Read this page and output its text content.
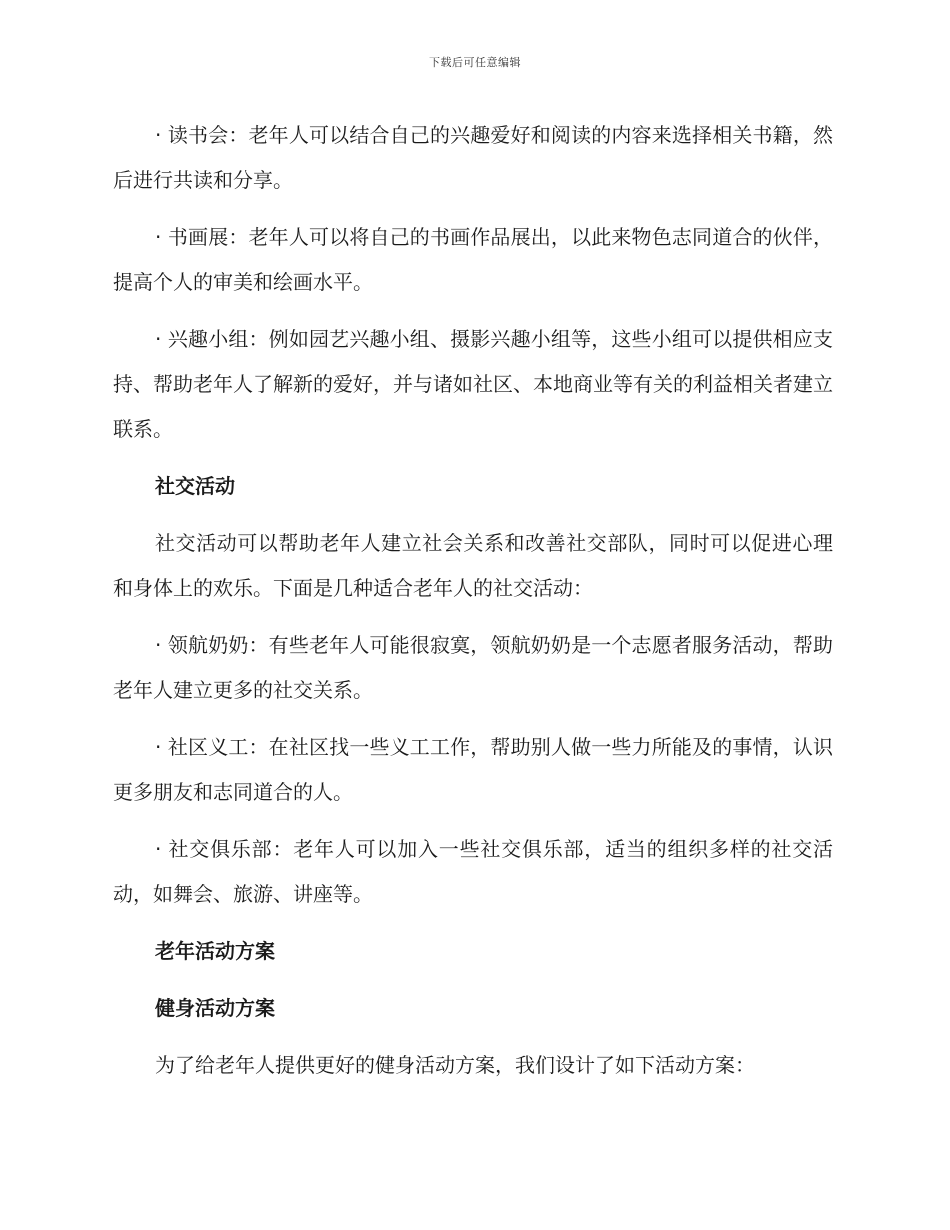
下载后可任意编辑

· 读书会：老年人可以结合自己的兴趣爱好和阅读的内容来选择相关书籍，然后进行共读和分享。

· 书画展：老年人可以将自己的书画作品展出，以此来物色志同道合的伙伴，提高个人的审美和绘画水平。

· 兴趣小组：例如园艺兴趣小组、摄影兴趣小组等，这些小组可以提供相应支持、帮助老年人了解新的爱好，并与诸如社区、本地商业等有关的利益相关者建立联系。

社交活动

社交活动可以帮助老年人建立社会关系和改善社交部队，同时可以促进心理和身体上的欢乐。下面是几种适合老年人的社交活动：

· 领航奶奶：有些老年人可能很寂寞，领航奶奶是一个志愿者服务活动，帮助老年人建立更多的社交关系。

· 社区义工：在社区找一些义工工作，帮助别人做一些力所能及的事情，认识更多朋友和志同道合的人。

· 社交俱乐部：老年人可以加入一些社交俱乐部，适当的组织多样的社交活动，如舞会、旅游、讲座等。

老年活动方案

健身活动方案

为了给老年人提供更好的健身活动方案，我们设计了如下活动方案：
